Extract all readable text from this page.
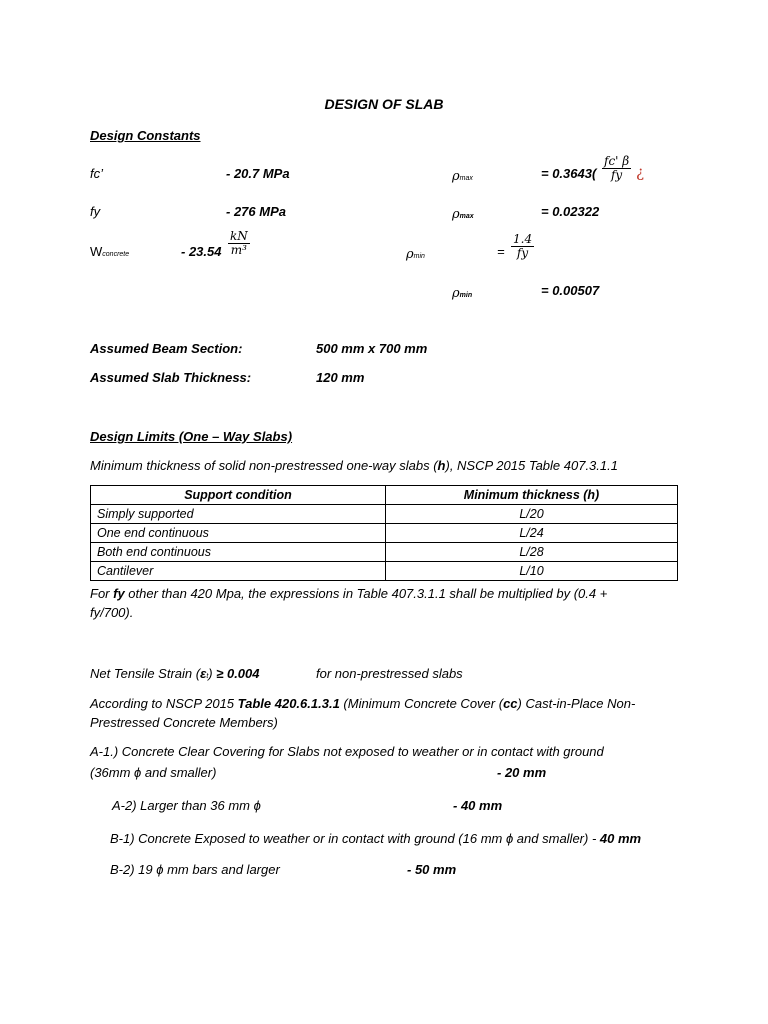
DESIGN OF SLAB
Design Constants
fc’	- 20.7 MPa
fy	- 276 MPa
Wconcrete	- $23.54 \frac{kN}{\text{m³}}$
ρmax	= $0.3643( \frac{fc' \beta}{fy}$ ¿
ρmax	= 0.02322
ρmin	= $\frac{1.4}{fy}$
ρmin	= 0.00507
Assumed Beam Section:	500 mm x 700 mm
Assumed Slab Thickness:	120 mm
Design Limits (One – Way Slabs)
Minimum thickness of solid non-prestressed one-way slabs (h), NSCP 2015 Table 407.3.1.1
Support condition	Minimum thickness (h)
Simply supported	L/20
One end continuous	L/24
Both end continuous	L/28
Cantilever	L/10
For fy other than 420 Mpa, the expressions in Table 407.3.1.1 shall be multiplied by (0.4 +
fy/700).
Net Tensile Strain (εt) ≥ 0.004	for non-prestressed slabs
According to NSCP 2015 Table 420.6.1.3.1 (Minimum Concrete Cover (cc) Cast-in-Place Non-
Prestressed Concrete Members)
A-1.) Concrete Clear Covering for Slabs not exposed to weather or in contact with ground
(36mm ϕ and smaller)	- 20 mm
A-2) Larger than 36 mm ϕ	- 40 mm
B-1) Concrete Exposed to weather or in contact with ground (16 mm ϕ and smaller) - 40 mm
B-2) 19 ϕ mm bars and larger	- 50 mm
